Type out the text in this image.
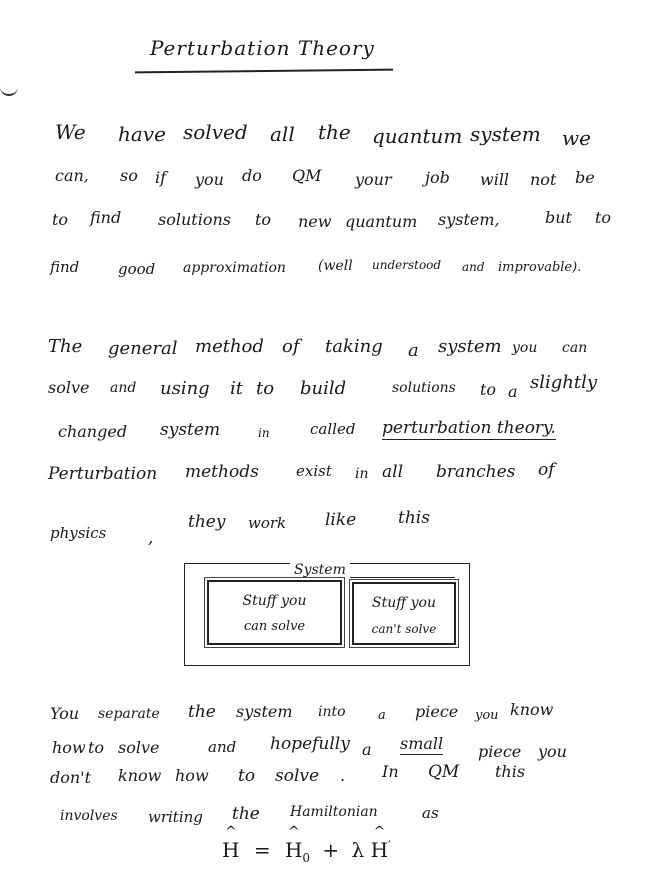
Perturbation Theory
We have solved all the quantum system we
can, so if you do QM your job will not be
to find solutions to new quantum system,	but to
find	good approximation (well understood and improvable).
The general method of taking a system you can
solve and using it to build	solutions to a slightly
changed system	in	called perturbation theory.
Perturbation methods exist in all branches of
physics ,
they work like this
System
Stuff you
can solve
Stuff you
can't solve
You separate the system into a piece you know
how to solve	and hopefully a small piece you
don't know how to solve . In QM this
involves writing the Hamiltonian	as
^ H = ^ $H_0 + \lambda$ ^ H′
